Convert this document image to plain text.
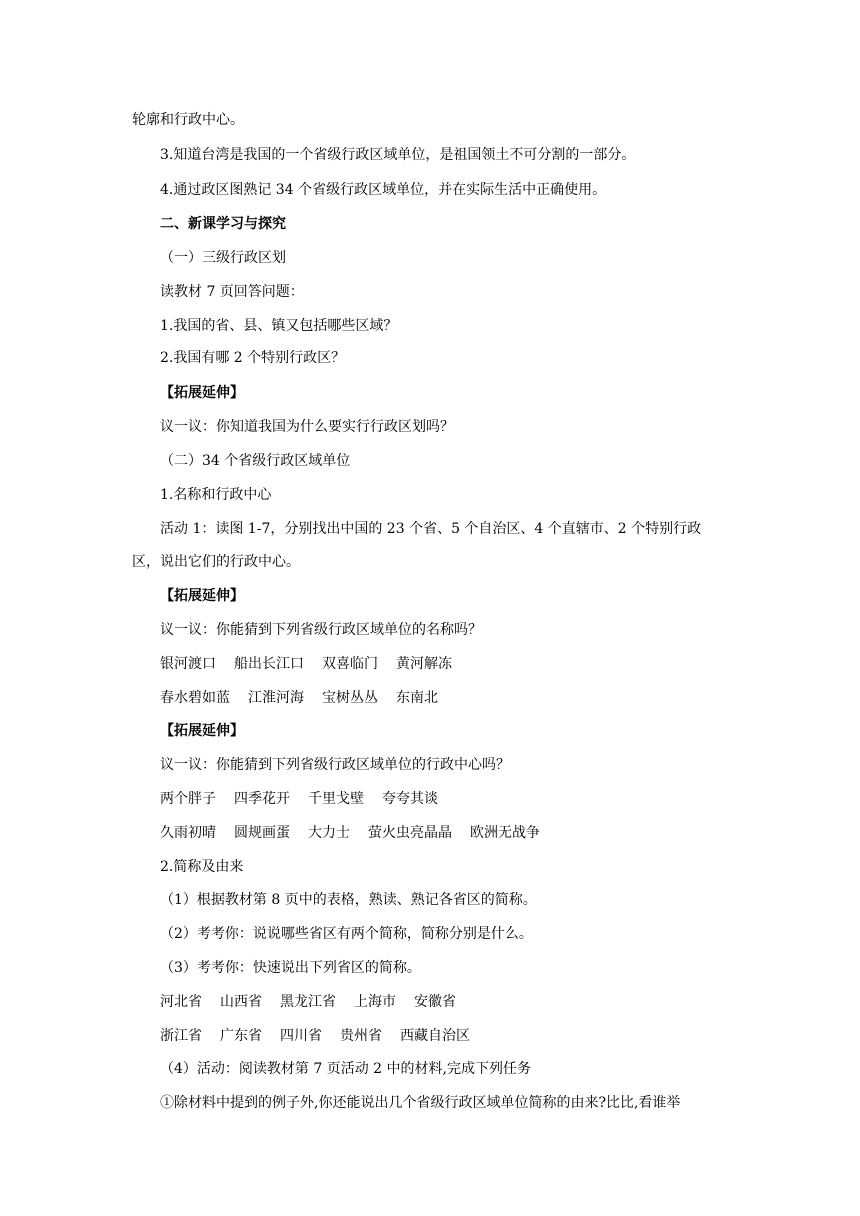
轮廓和行政中心。
3.知道台湾是我国的一个省级行政区域单位，是祖国领土不可分割的一部分。
4.通过政区图熟记 34 个省级行政区域单位，并在实际生活中正确使用。
二、新课学习与探究
（一）三级行政区划
读教材 7 页回答问题：
1.我国的省、县、镇又包括哪些区域？
2.我国有哪 2 个特别行政区？
【拓展延伸】
议一议：你知道我国为什么要实行行政区划吗？
（二）34 个省级行政区域单位
1.名称和行政中心
活动 1：读图 1-7，分别找出中国的 23 个省、5 个自治区、4 个直辖市、2 个特别行政
区，说出它们的行政中心。
【拓展延伸】
议一议：你能猜到下列省级行政区域单位的名称吗？
银河渡口 船出长江口 双喜临门 黄河解冻
春水碧如蓝 江淮河海 宝树丛丛 东南北
【拓展延伸】
议一议：你能猜到下列省级行政区域单位的行政中心吗？
两个胖子 四季花开 千里戈壁 夸夸其谈
久雨初晴 圆规画蛋 大力士 萤火虫亮晶晶 欧洲无战争
2.简称及由来
（1）根据教材第 8 页中的表格，熟读、熟记各省区的简称。
（2）考考你：说说哪些省区有两个简称，简称分别是什么。
（3）考考你：快速说出下列省区的简称。
河北省 山西省 黑龙江省 上海市 安徽省
浙江省 广东省 四川省 贵州省 西藏自治区
（4）活动：阅读教材第 7 页活动 2 中的材料,完成下列任务
①除材料中提到的例子外,你还能说出几个省级行政区域单位简称的由来?比比,看谁举
